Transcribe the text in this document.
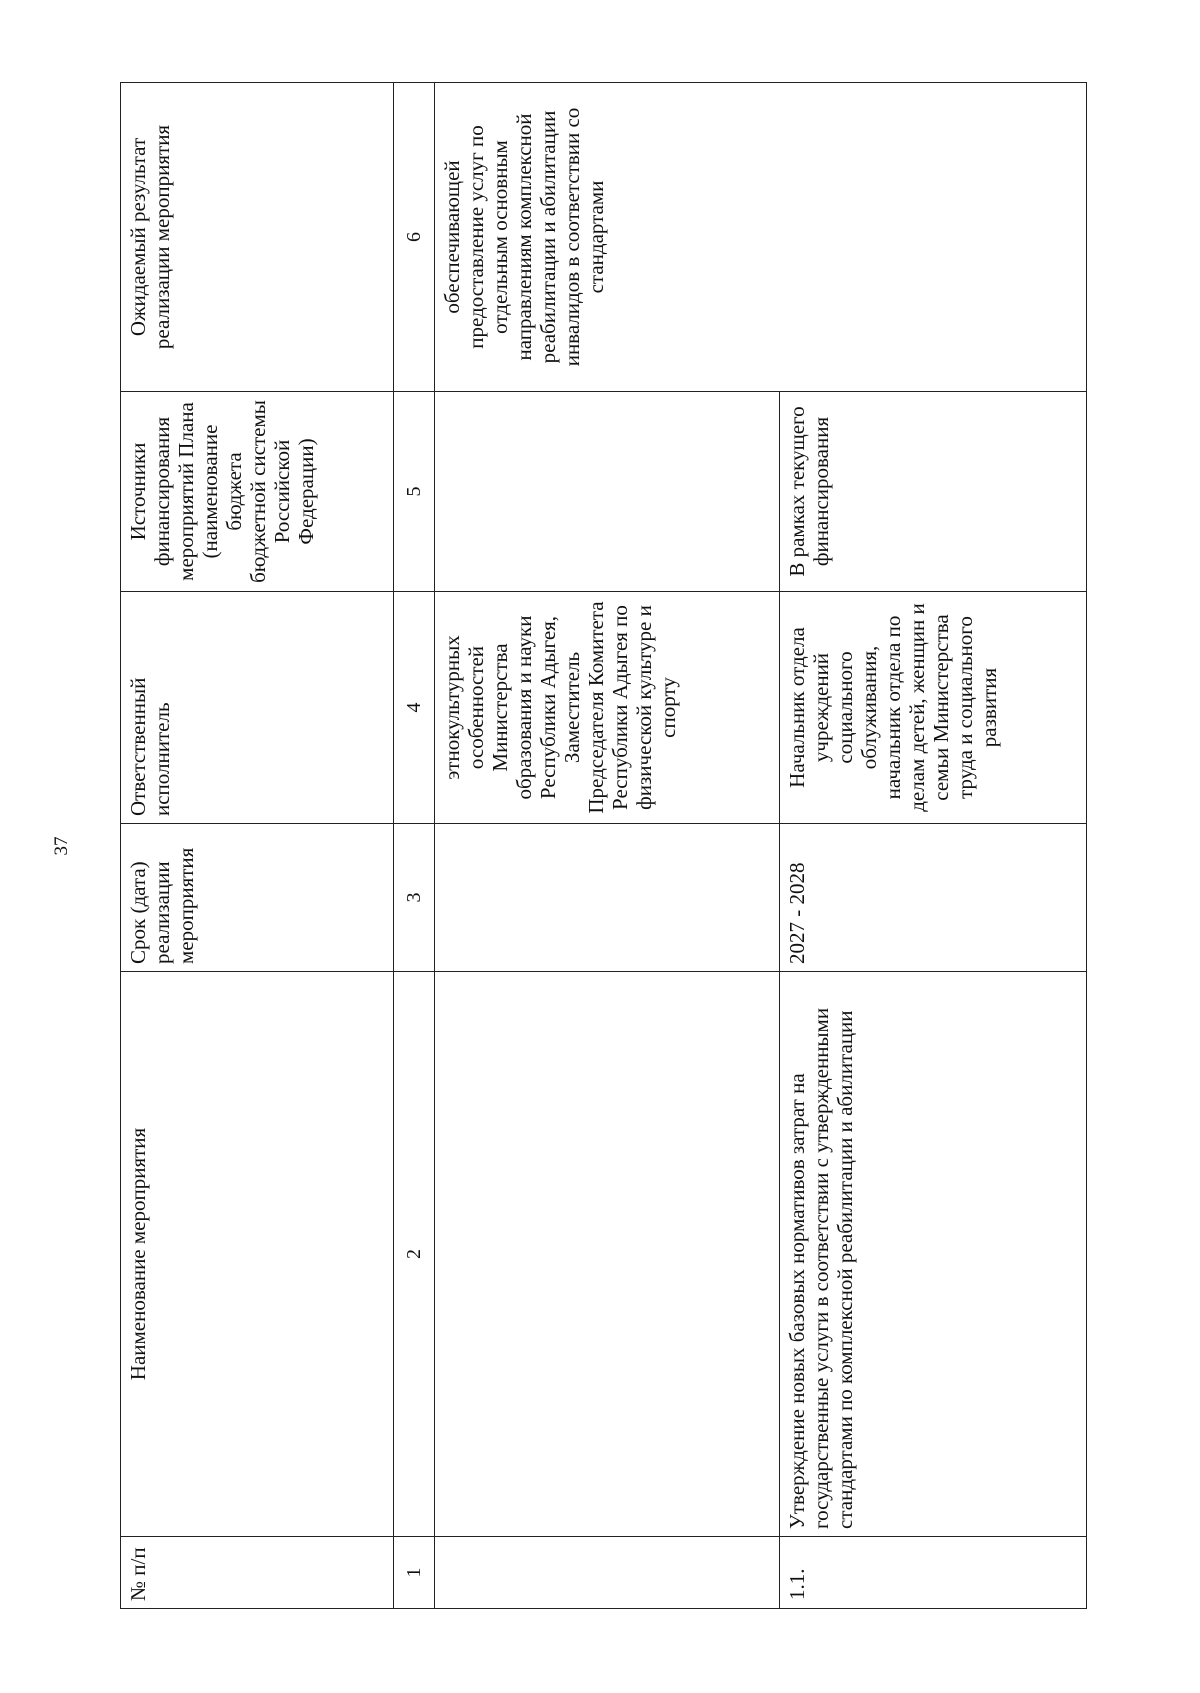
37
№ п/п	Наименование мероприятия	Срок (дата) реализации мероприятия	Ответственный исполнитель	Источники финансирования мероприятий Плана (наименование бюджета бюджетной системы Российской Федерации)	Ожидаемый результат реализации мероприятия
1	2	3	4	5	6
			этнокультурных особенностей Министерства образования и науки Республики Адыгея, Заместитель Председателя Комитета Республики Адыгея по физической культуре и спорту		обеспечивающей предоставление услуг по отдельным основным направлениям комплексной реабилитации и абилитации инвалидов в соответствии со стандартами
1.1.	Утверждение новых базовых нормативов затрат на государственные услуги в соответствии с утвержденными стандартами по комплексной реабилитации и абилитации	2027 - 2028	Начальник отдела учреждений социального облуживания, начальник отдела по делам детей, женщин и семьи Министерства труда и социального развития	В рамках текущего финансирования	
